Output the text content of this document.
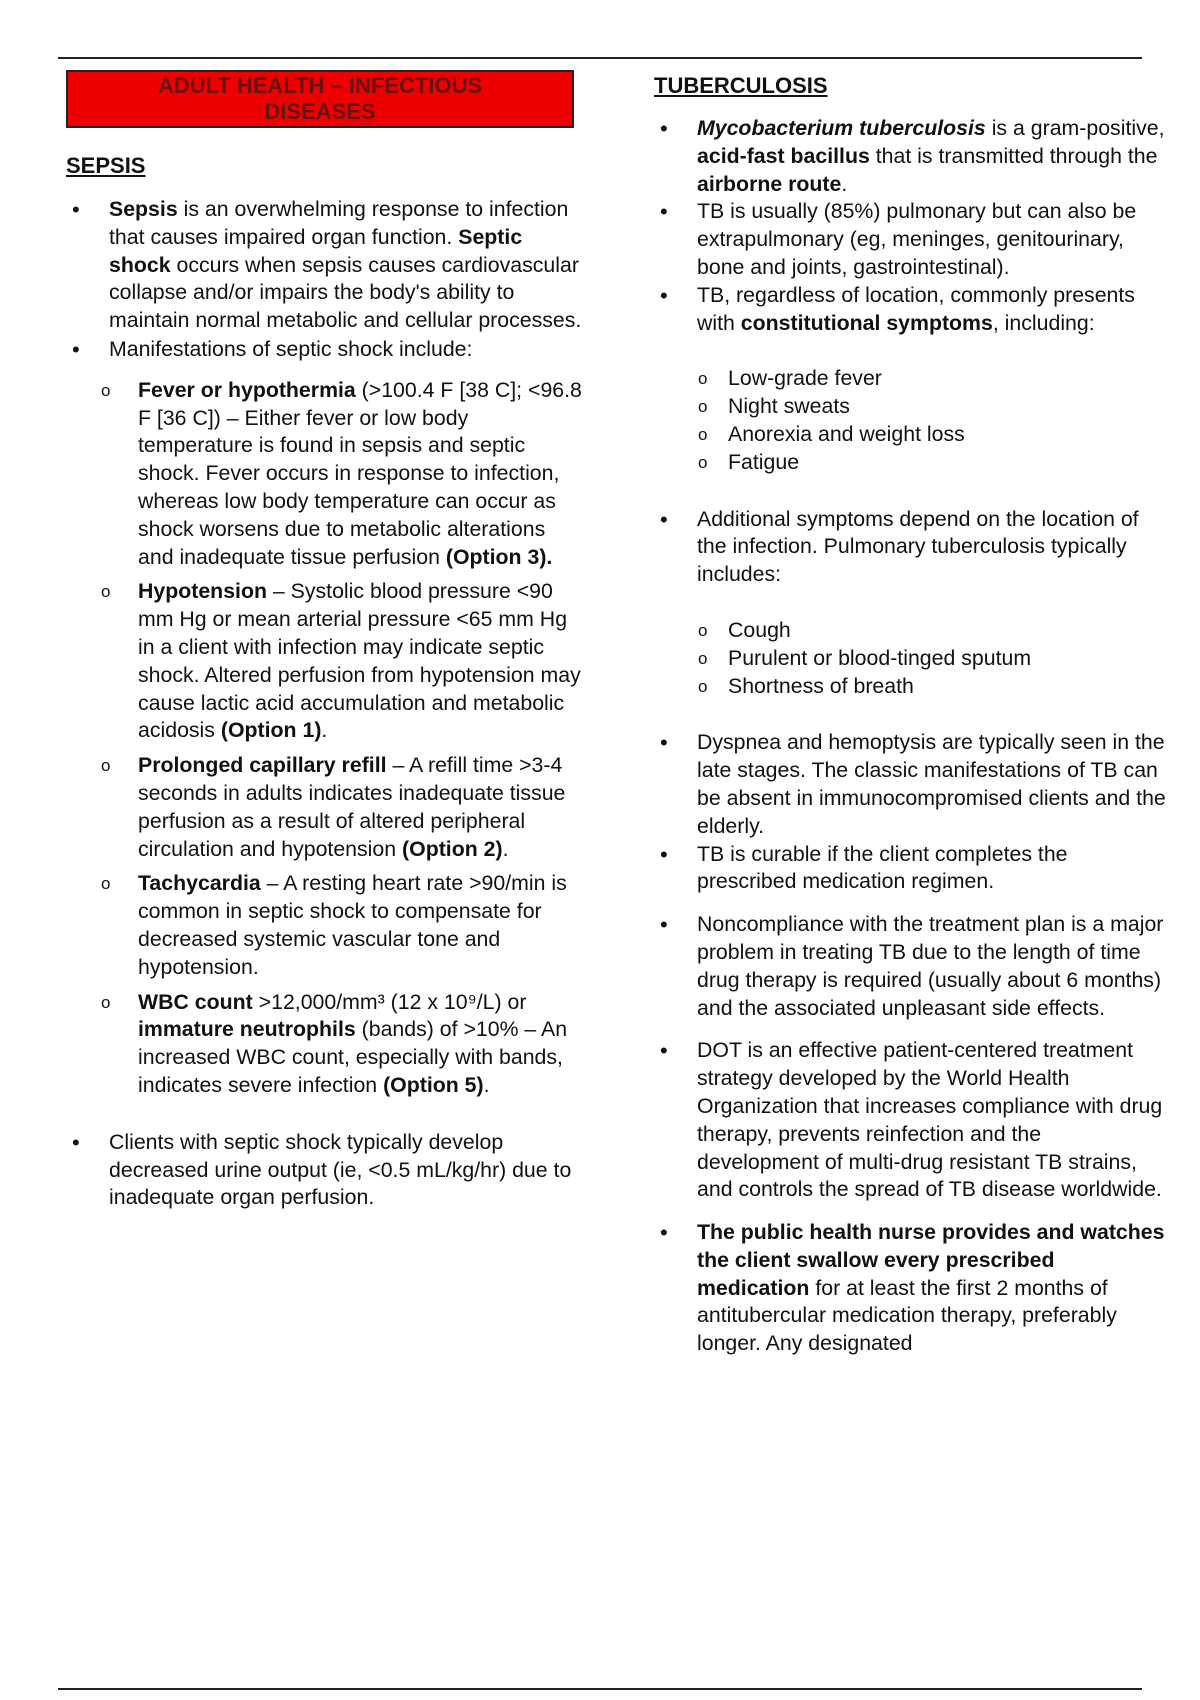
ADULT HEALTH – INFECTIOUS DISEASES
SEPSIS
• Sepsis is an overwhelming response to infection that causes impaired organ function. Septic shock occurs when sepsis causes cardiovascular collapse and/or impairs the body's ability to maintain normal metabolic and cellular processes.
• Manifestations of septic shock include:
o Fever or hypothermia (>100.4 F [38 C]; <96.8 F [36 C]) – Either fever or low body temperature is found in sepsis and septic shock. Fever occurs in response to infection, whereas low body temperature can occur as shock worsens due to metabolic alterations and inadequate tissue perfusion (Option 3).
o Hypotension – Systolic blood pressure <90 mm Hg or mean arterial pressure <65 mm Hg in a client with infection may indicate septic shock. Altered perfusion from hypotension may cause lactic acid accumulation and metabolic acidosis (Option 1).
o Prolonged capillary refill – A refill time >3-4 seconds in adults indicates inadequate tissue perfusion as a result of altered peripheral circulation and hypotension (Option 2).
o Tachycardia – A resting heart rate >90/min is common in septic shock to compensate for decreased systemic vascular tone and hypotension.
o WBC count >12,000/mm³ (12 x 10⁹/L) or immature neutrophils (bands) of >10% – An increased WBC count, especially with bands, indicates severe infection (Option 5).
• Clients with septic shock typically develop decreased urine output (ie, <0.5 mL/kg/hr) due to inadequate organ perfusion.
TUBERCULOSIS
• Mycobacterium tuberculosis is a gram-positive, acid-fast bacillus that is transmitted through the airborne route.
• TB is usually (85%) pulmonary but can also be extrapulmonary (eg, meninges, genitourinary, bone and joints, gastrointestinal).
• TB, regardless of location, commonly presents with constitutional symptoms, including:
o Low-grade fever
o Night sweats
o Anorexia and weight loss
o Fatigue
• Additional symptoms depend on the location of the infection. Pulmonary tuberculosis typically includes:
o Cough
o Purulent or blood-tinged sputum
o Shortness of breath
• Dyspnea and hemoptysis are typically seen in the late stages. The classic manifestations of TB can be absent in immunocompromised clients and the elderly.
• TB is curable if the client completes the prescribed medication regimen.
• Noncompliance with the treatment plan is a major problem in treating TB due to the length of time drug therapy is required (usually about 6 months) and the associated unpleasant side effects.
• DOT is an effective patient-centered treatment strategy developed by the World Health Organization that increases compliance with drug therapy, prevents reinfection and the development of multi-drug resistant TB strains, and controls the spread of TB disease worldwide.
• The public health nurse provides and watches the client swallow every prescribed medication for at least the first 2 months of antitubercular medication therapy, preferably longer. Any designated
